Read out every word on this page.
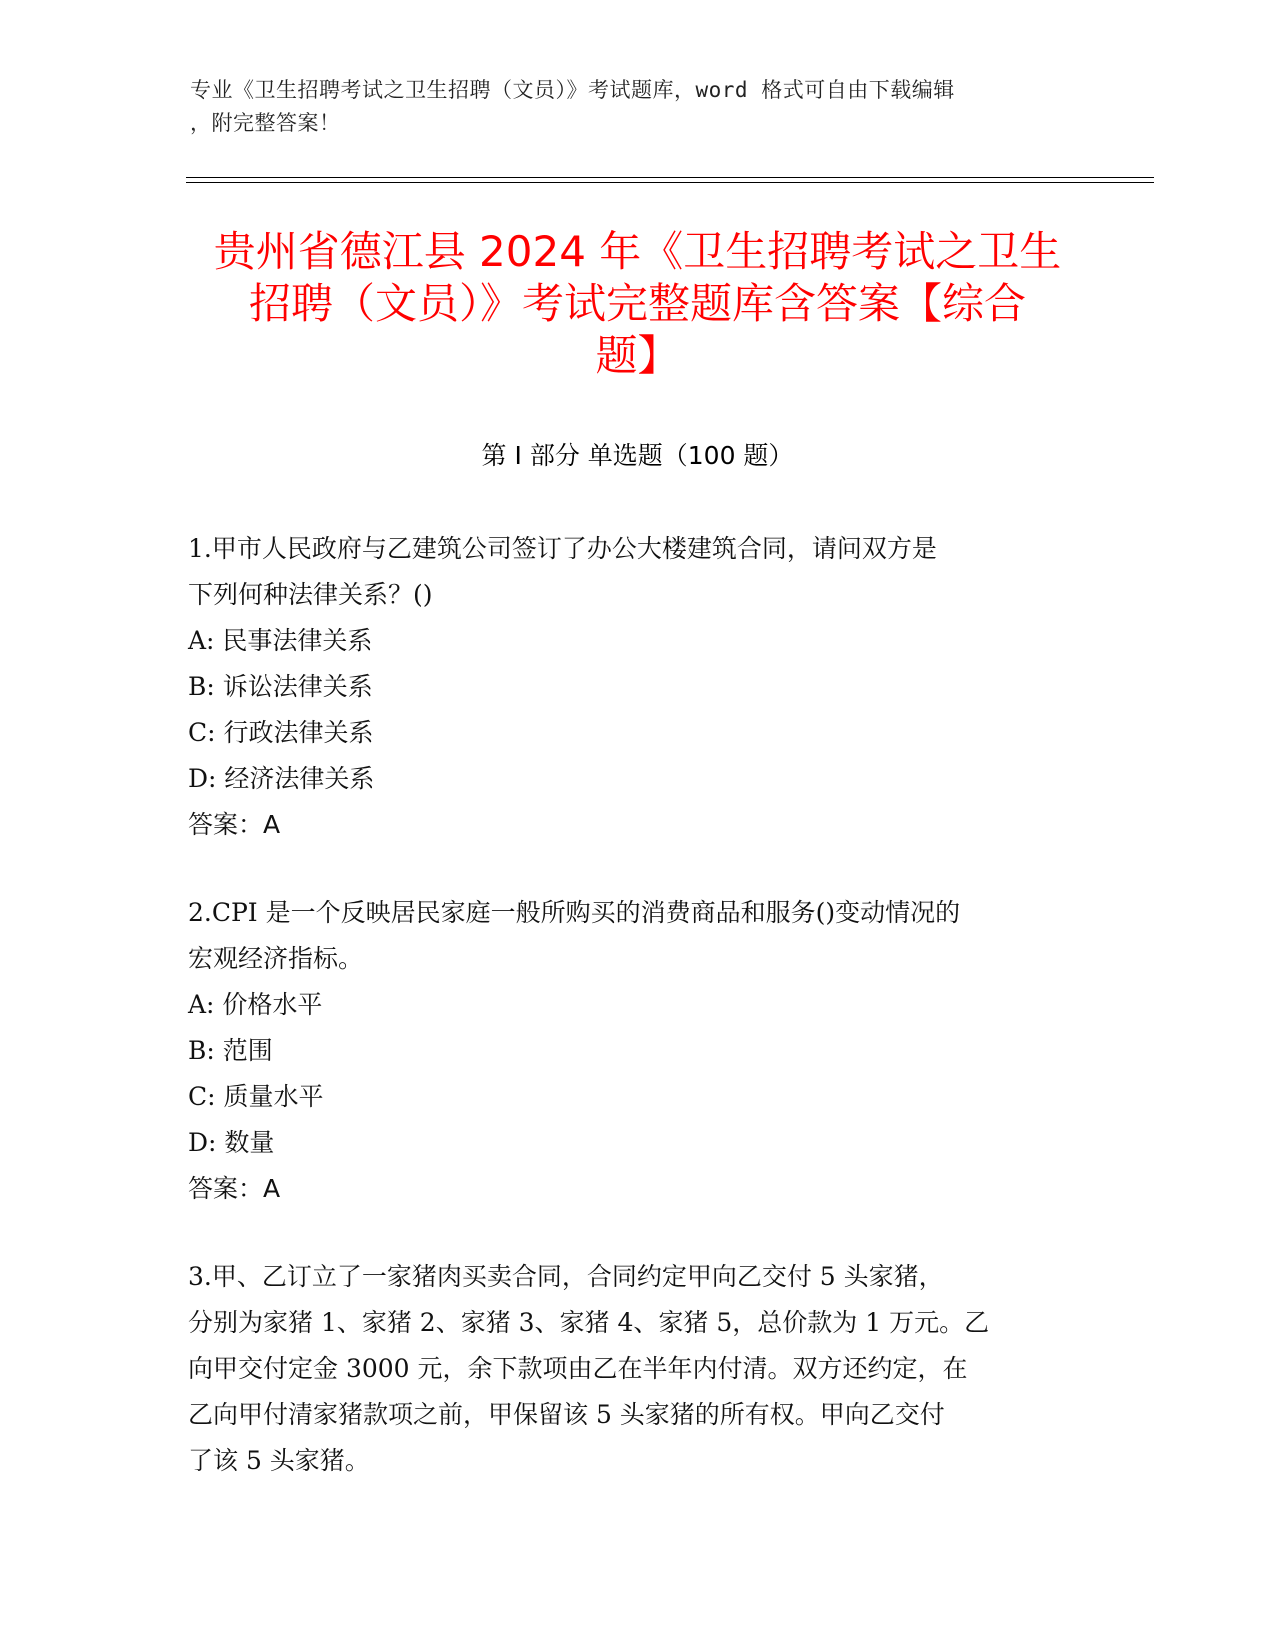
专业《卫生招聘考试之卫生招聘（文员）》考试题库，word 格式可自由下载编辑
，附完整答案！
贵州省德江县 2024 年《卫生招聘考试之卫生
招聘（文员）》考试完整题库含答案【综合
题】
第 I 部分 单选题（100 题）
1.甲市人民政府与乙建筑公司签订了办公大楼建筑合同，请问双方是
下列何种法律关系？()
A: 民事法律关系
B: 诉讼法律关系
C: 行政法律关系
D: 经济法律关系
答案：A
2.CPI 是一个反映居民家庭一般所购买的消费商品和服务()变动情况的
宏观经济指标。
A: 价格水平
B: 范围
C: 质量水平
D: 数量
答案：A
3.甲、乙订立了一家猪肉买卖合同，合同约定甲向乙交付 5 头家猪，
分别为家猪 1、家猪 2、家猪 3、家猪 4、家猪 5，总价款为 1 万元。乙
向甲交付定金 3000 元，余下款项由乙在半年内付清。双方还约定，在
乙向甲付清家猪款项之前，甲保留该 5 头家猪的所有权。甲向乙交付
了该 5 头家猪。
